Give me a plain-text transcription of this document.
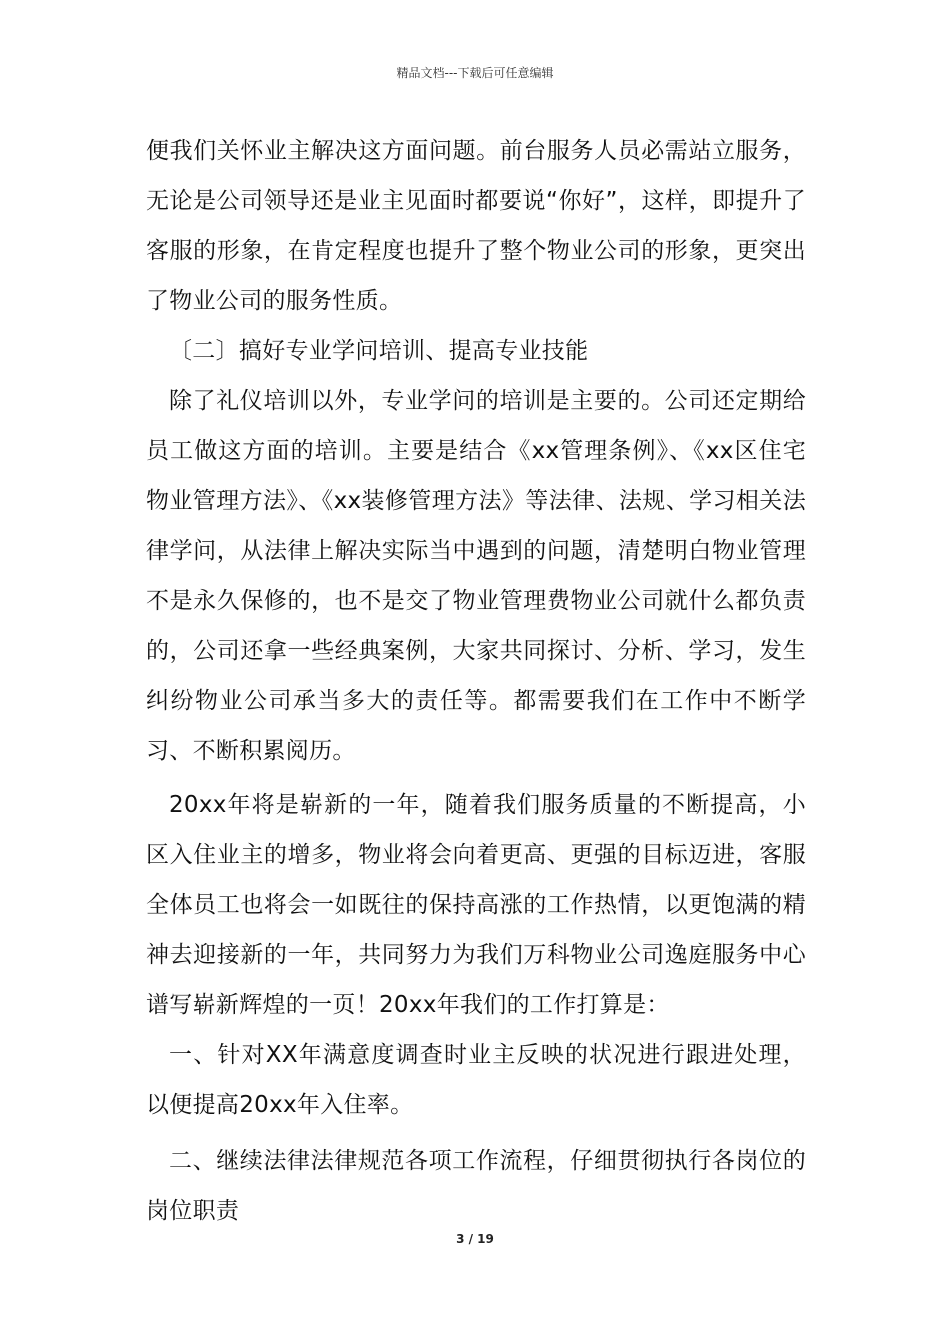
精品文档---下载后可任意编辑

便我们关怀业主解决这方面问题。前台服务人员必需站立服务，无论是公司领导还是业主见面时都要说“你好”，这样，即提升了客服的形象，在肯定程度也提升了整个物业公司的形象，更突出了物业公司的服务性质。

〔二〕搞好专业学问培训、提高专业技能

除了礼仪培训以外，专业学问的培训是主要的。公司还定期给员工做这方面的培训。主要是结合《xx管理条例》、《xx区住宅物业管理方法》、《xx装修管理方法》等法律、法规、学习相关法律学问，从法律上解决实际当中遇到的问题，清楚明白物业管理不是永久保修的，也不是交了物业管理费物业公司就什么都负责的，公司还拿一些经典案例，大家共同探讨、分析、学习，发生纠纷物业公司承当多大的责任等。都需要我们在工作中不断学习、不断积累阅历。

20xx年将是崭新的一年，随着我们服务质量的不断提高，小区入住业主的增多，物业将会向着更高、更强的目标迈进，客服全体员工也将会一如既往的保持高涨的工作热情，以更饱满的精神去迎接新的一年，共同努力为我们万科物业公司逸庭服务中心谱写崭新辉煌的一页！20xx年我们的工作打算是：

一、针对XX年满意度调查时业主反映的状况进行跟进处理，以便提高20xx年入住率。

二、继续法律法律规范各项工作流程，仔细贯彻执行各岗位的岗位职责

3 / 19
